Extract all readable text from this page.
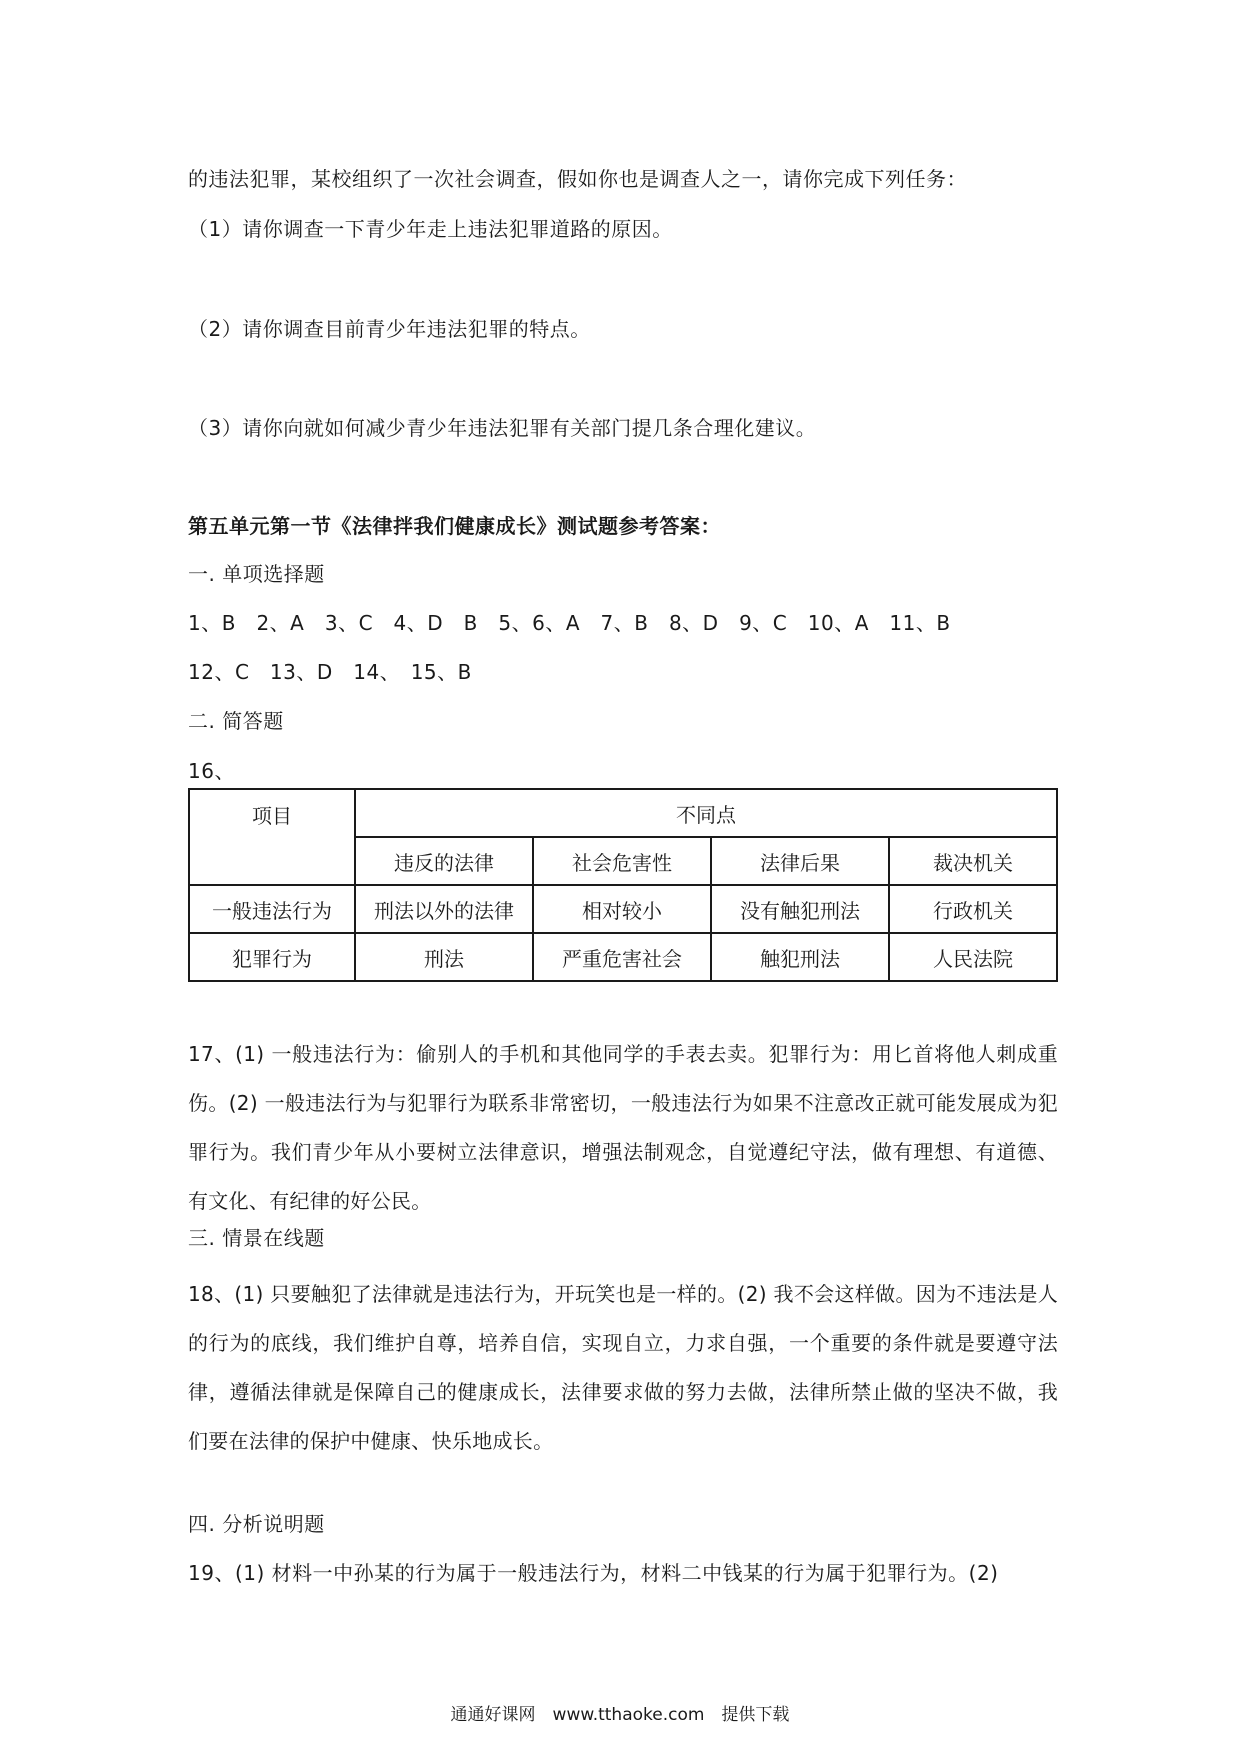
的违法犯罪，某校组织了一次社会调查，假如你也是调查人之一，请你完成下列任务：
（1）请你调查一下青少年走上违法犯罪道路的原因。
（2）请你调查目前青少年违法犯罪的特点。
（3）请你向就如何减少青少年违法犯罪有关部门提几条合理化建议。
第五单元第一节《法律拌我们健康成长》测试题参考答案：
一. 单项选择题
1、B　2、A　3、C　4、D　B　5、6、A　7、B　8、D　9、C　10、A　11、B
12、C　13、D　14、　15、B
二. 简答题
16、
项目	不同点			
	违反的法律	社会危害性	法律后果	裁决机关
一般违法行为	刑法以外的法律	相对较小	没有触犯刑法	行政机关
犯罪行为	刑法	严重危害社会	触犯刑法	人民法院
17、(1) 一般违法行为：偷别人的手机和其他同学的手表去卖。犯罪行为：用匕首将他人刺成重伤。(2) 一般违法行为与犯罪行为联系非常密切，一般违法行为如果不注意改正就可能发展成为犯罪行为。我们青少年从小要树立法律意识，增强法制观念，自觉遵纪守法，做有理想、有道德、有文化、有纪律的好公民。
三. 情景在线题
18、(1) 只要触犯了法律就是违法行为，开玩笑也是一样的。(2) 我不会这样做。因为不违法是人的行为的底线，我们维护自尊，培养自信，实现自立，力求自强，一个重要的条件就是要遵守法律，遵循法律就是保障自己的健康成长，法律要求做的努力去做，法律所禁止做的坚决不做，我们要在法律的保护中健康、快乐地成长。
四. 分析说明题
19、(1) 材料一中孙某的行为属于一般违法行为，材料二中钱某的行为属于犯罪行为。(2)
通通好课网　www.tthaoke.com　提供下载
